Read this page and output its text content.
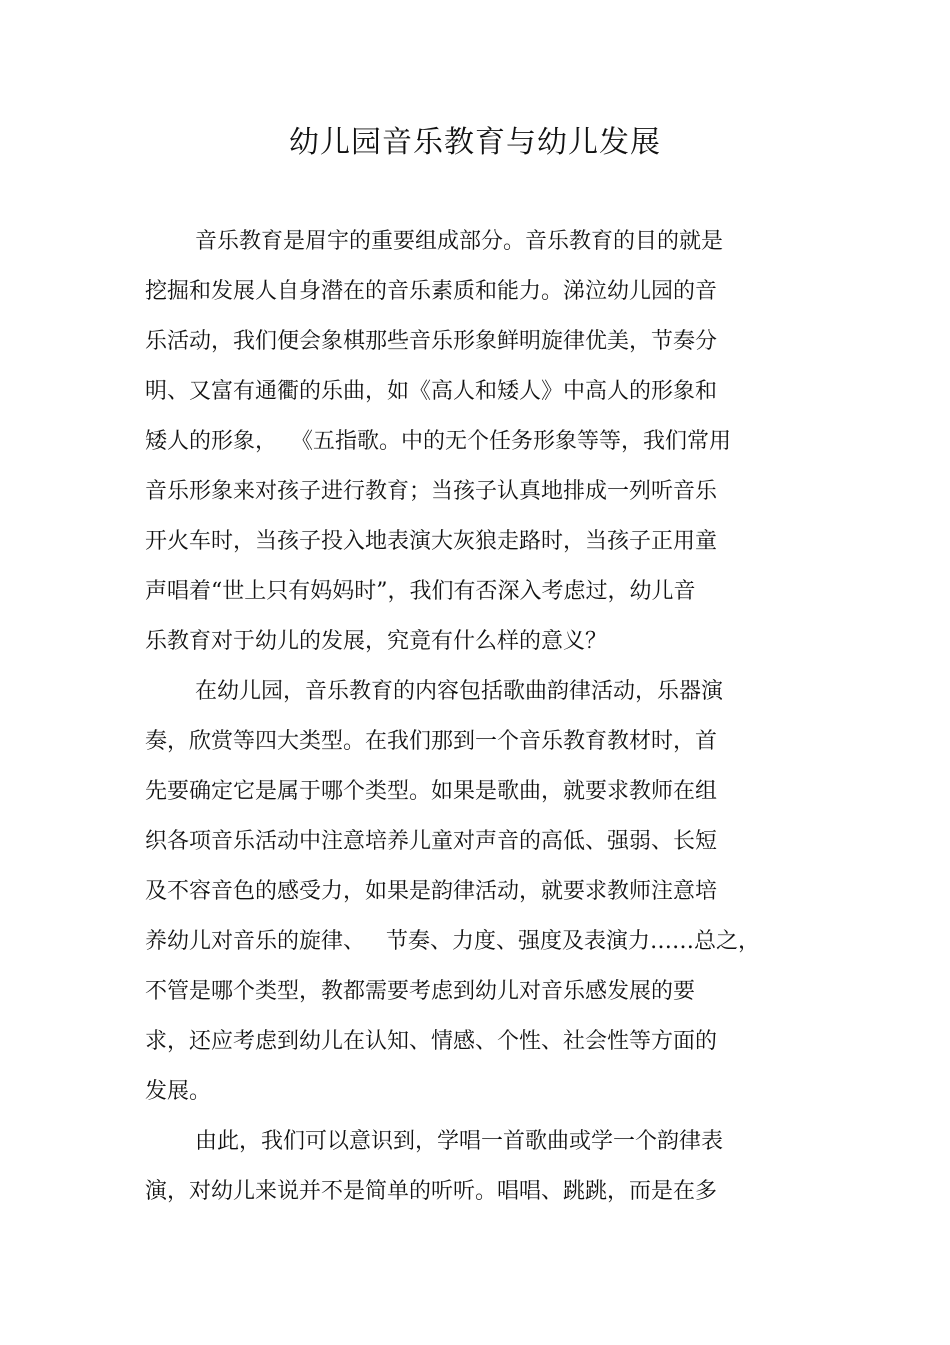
幼儿园音乐教育与幼儿发展
音乐教育是眉宇的重要组成部分。音乐教育的目的就是
挖掘和发展人自身潜在的音乐素质和能力。涕泣幼儿园的音
乐活动，我们便会象棋那些音乐形象鲜明旋律优美，节奏分
明、又富有通衢的乐曲，如《高人和矮人》中高人的形象和
矮人的形象，  《五指歌。中的无个任务形象等等，我们常用
音乐形象来对孩子进行教育；当孩子认真地排成一列听音乐
开火车时，当孩子投入地表演大灰狼走路时，当孩子正用童
声唱着“世上只有妈妈时”，我们有否深入考虑过，幼儿音
乐教育对于幼儿的发展，究竟有什么样的意义？
在幼儿园，音乐教育的内容包括歌曲韵律活动，乐器演
奏，欣赏等四大类型。在我们那到一个音乐教育教材时，首
先要确定它是属于哪个类型。如果是歌曲，就要求教师在组
织各项音乐活动中注意培养儿童对声音的高低、强弱、长短
及不容音色的感受力，如果是韵律活动，就要求教师注意培
养幼儿对音乐的旋律、   节奏、力度、强度及表演力……总之，
不管是哪个类型，教都需要考虑到幼儿对音乐感发展的要
求，还应考虑到幼儿在认知、情感、个性、社会性等方面的
发展。
由此，我们可以意识到，学唱一首歌曲或学一个韵律表
演，对幼儿来说并不是简单的听听。唱唱、跳跳，而是在多
